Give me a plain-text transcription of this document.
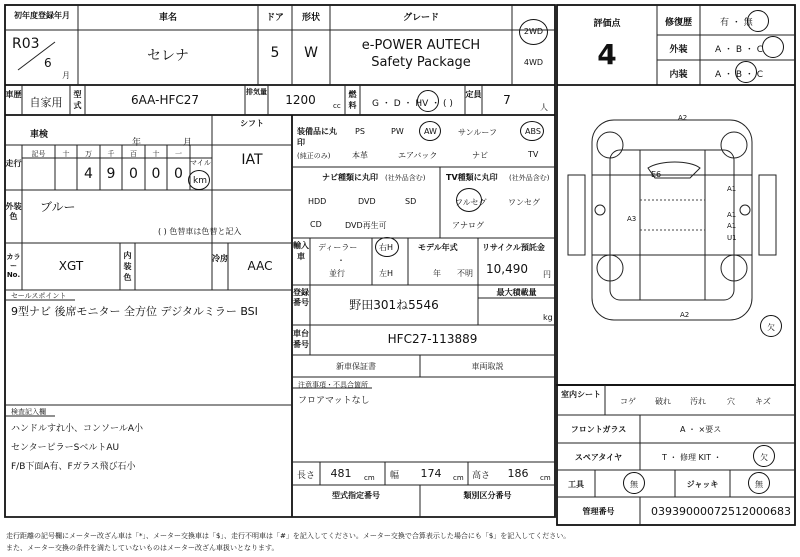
初年度登録年月	車名	ドア	形状	グレード
R03
6
月
セレナ	5	W	e-POWER AUTECH
Safety Package
2WD
4WD
評価点
4
修復歴	有 ・ 無
外装	A ・ B ・ C
内装	A ・ B ・ C
車歴
自家用
型式	6AA-HFC27
排気量
1200	cc
燃料	G ・ D ・ HV ・ ( )
定員	7
人
車検
年	月
シフト
IAT
走行
記号
マイル
十	万	千	百	十	一
4 9 0 0 0	km
外装色
ブルー
( ) 色替車は色替と記入
カラーNo.
XGT
内装色
冷房
AAC
セールスポイント
9型ナビ 後席モニター 全方位 デジタルミラー BSI
検査記入欄
ハンドルすれ小、コンソールA小
センターピラーSベルトAU
F/B下面A有、Fガラス飛び石小
装備品に丸印
(純正のみ)
PS	PW	AW	サンルーフ	ABS
本革	エアバック	ナビ	TV
ナビ種類に丸印 (社外品含む)
HDD	DVD	SD
CD	DVD再生可
TV種類に丸印 (社外品含む)
フルセグ	ワンセグ
アナログ
輸入車
ディーラー
・
並行
右H
左H
モデル年式
年 不明
リサイクル預託金
10,490 円
登録番号	野田301ね5546
最大積載量
kg
車台番号	HFC27-113889
新車保証書	車両取説
注意事項・不具合箇所
フロアマットなし
長さ	481	cm 幅	174	cm 高さ	186	cm
型式指定番号	類別区分番号
A2
A1
A1
A3
A1
U1
A2
E6
欠
室内シート
コゲ 破れ 汚れ	穴	キズ
フロントガラス	A ・ ×要ス
スペアタイヤ	T ・ 修理 KIT ・	欠
工具	無	ジャッキ	無
管理番号	03939000072512000683
走行距離の記号欄にメーター改ざん車は「*」、メーター交換車は「$」、走行不明車は「#」を記入してください。メーター交換で合算表示した場合にも「$」を記入してください。
また、メーター交換の条件を満たしていないものはメーター改ざん車扱いとなります。
